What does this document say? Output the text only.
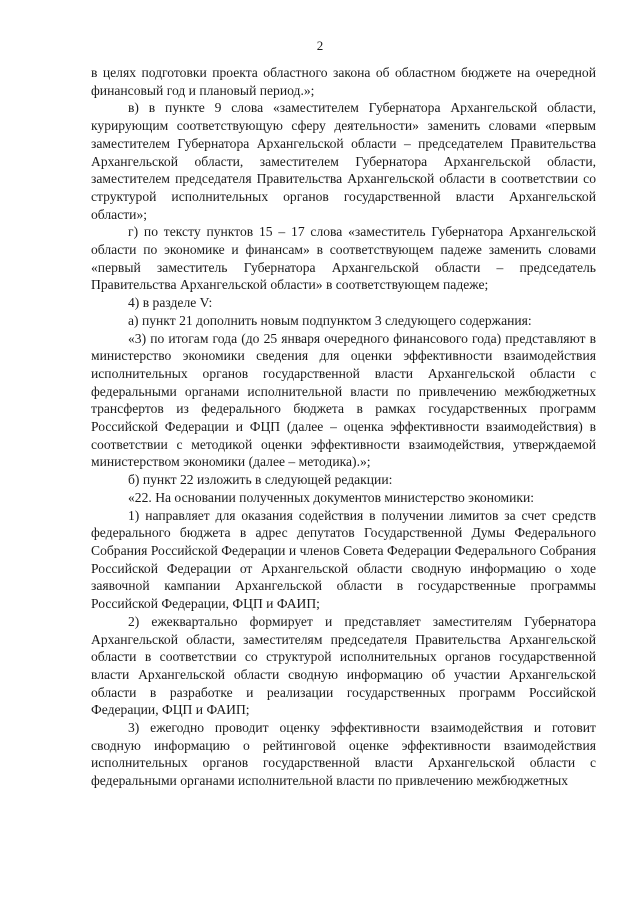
2

в целях подготовки проекта областного закона об областном бюджете на очередной финансовый год и плановый период.»;

в) в пункте 9 слова «заместителем Губернатора Архангельской области, курирующим соответствующую сферу деятельности» заменить словами «первым заместителем Губернатора Архангельской области – председателем Правительства Архангельской области, заместителем Губернатора Архангельской области, заместителем председателя Правительства Архангельской области в соответствии со структурой исполнительных органов государственной власти Архангельской области»;

г) по тексту пунктов 15 – 17 слова «заместитель Губернатора Архангельской области по экономике и финансам» в соответствующем падеже заменить словами «первый заместитель Губернатора Архангельской области – председатель Правительства Архангельской области» в соответствующем падеже;

4) в разделе V:

а) пункт 21 дополнить новым подпунктом 3 следующего содержания:

«3) по итогам года (до 25 января очередного финансового года) представляют в министерство экономики сведения для оценки эффективности взаимодействия исполнительных органов государственной власти Архангельской области с федеральными органами исполнительной власти по привлечению межбюджетных трансфертов из федерального бюджета в рамках государственных программ Российской Федерации и ФЦП (далее – оценка эффективности взаимодействия) в соответствии с методикой оценки эффективности взаимодействия, утверждаемой министерством экономики (далее – методика).»;

б) пункт 22 изложить в следующей редакции:

«22. На основании полученных документов министерство экономики:

1) направляет для оказания содействия в получении лимитов за счет средств федерального бюджета в адрес депутатов Государственной Думы Федерального Собрания Российской Федерации и членов Совета Федерации Федерального Собрания Российской Федерации от Архангельской области сводную информацию о ходе заявочной кампании Архангельской области в государственные программы Российской Федерации, ФЦП и ФАИП;

2) ежеквартально формирует и представляет заместителям Губернатора Архангельской области, заместителям председателя Правительства Архангельской области в соответствии со структурой исполнительных органов государственной власти Архангельской области сводную информацию об участии Архангельской области в разработке и реализации государственных программ Российской Федерации, ФЦП и ФАИП;

3) ежегодно проводит оценку эффективности взаимодействия и готовит сводную информацию о рейтинговой оценке эффективности взаимодействия исполнительных органов государственной власти Архангельской области с федеральными органами исполнительной власти по привлечению межбюджетных
